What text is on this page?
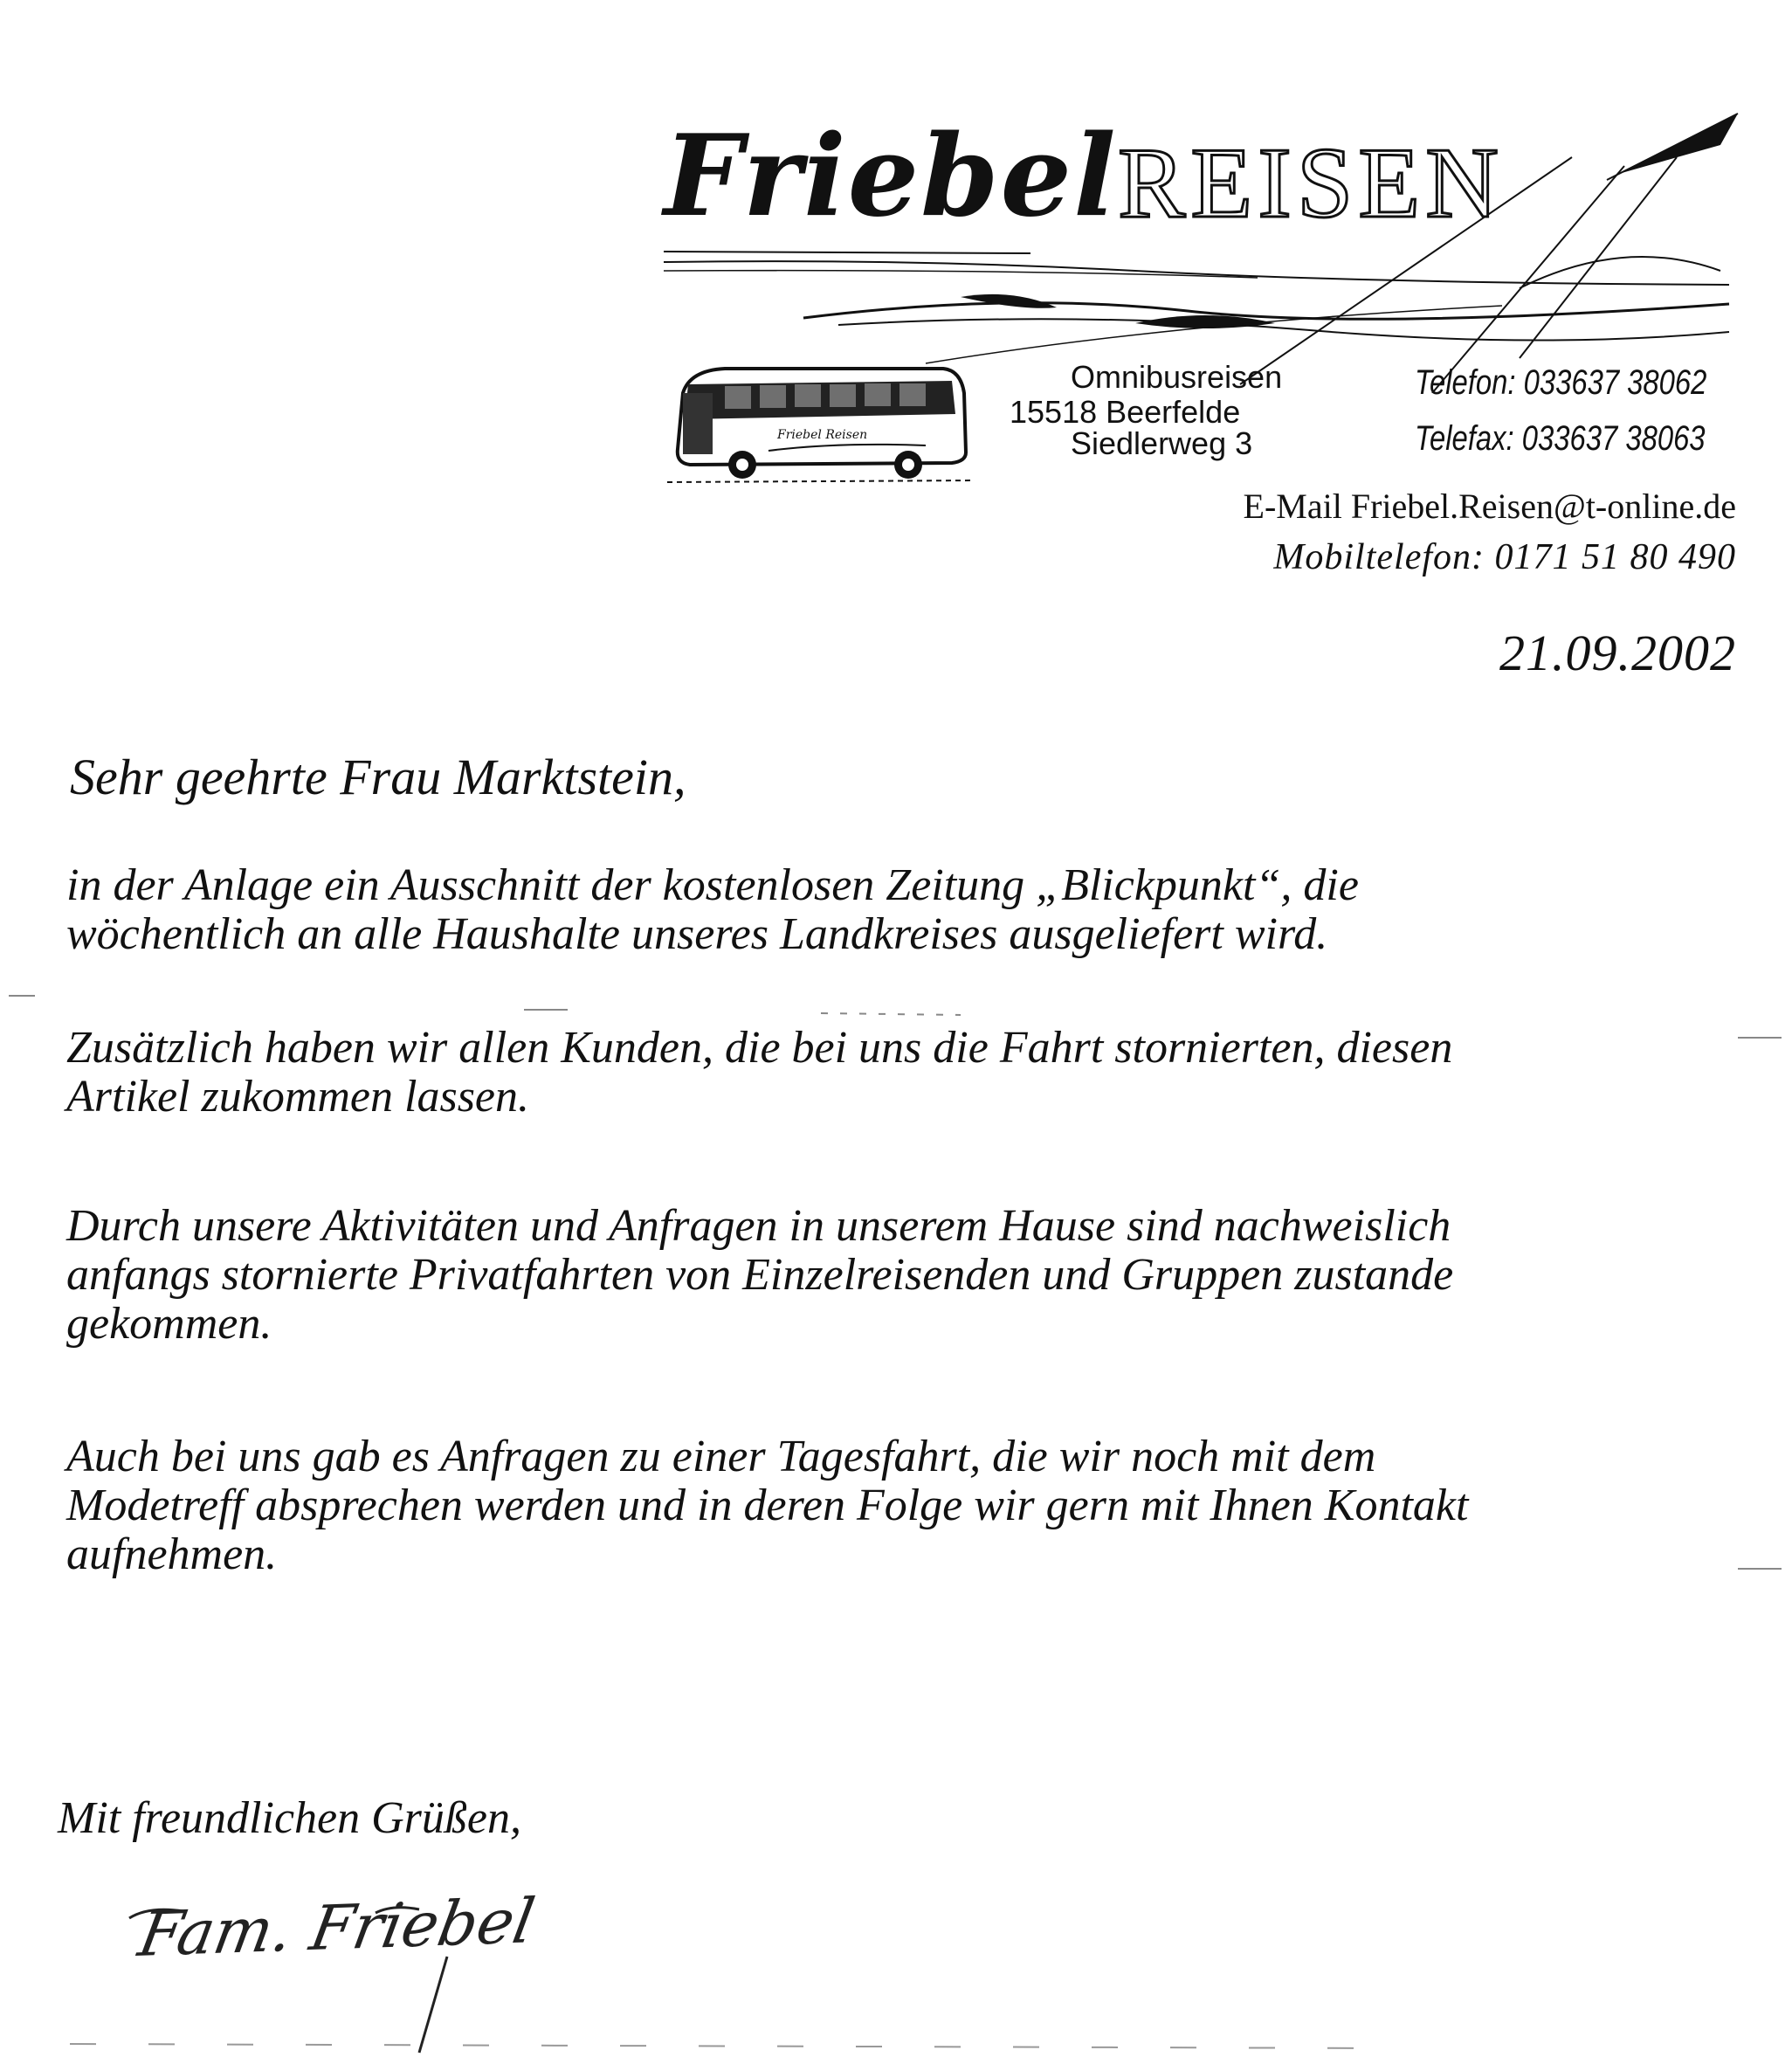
Friebel REISEN
Friebel Reisen
Omnibusreisen
15518 Beerfelde
Siedlerweg 3
Telefon: 033637 38062
Telefax: 033637 38063
E-Mail Friebel.Reisen@t-online.de
Mobiltelefon: 0171 51 80 490
21.09.2002
Sehr geehrte Frau Marktstein,
in der Anlage ein Ausschnitt der kostenlosen Zeitung „Blickpunkt“, die
wöchentlich an alle Haushalte unseres Landkreises ausgeliefert wird.
Zusätzlich haben wir allen Kunden, die bei uns die Fahrt stornierten, diesen
Artikel zukommen lassen.
Durch unsere Aktivitäten und Anfragen in unserem Hause sind nachweislich
anfangs stornierte Privatfahrten von Einzelreisenden und Gruppen zustande
gekommen.
Auch bei uns gab es Anfragen zu einer Tagesfahrt, die wir noch mit dem
Modetreff absprechen werden und in deren Folge wir gern mit Ihnen Kontakt
aufnehmen.
Mit freundlichen Grüßen,
Fam. Friebel
